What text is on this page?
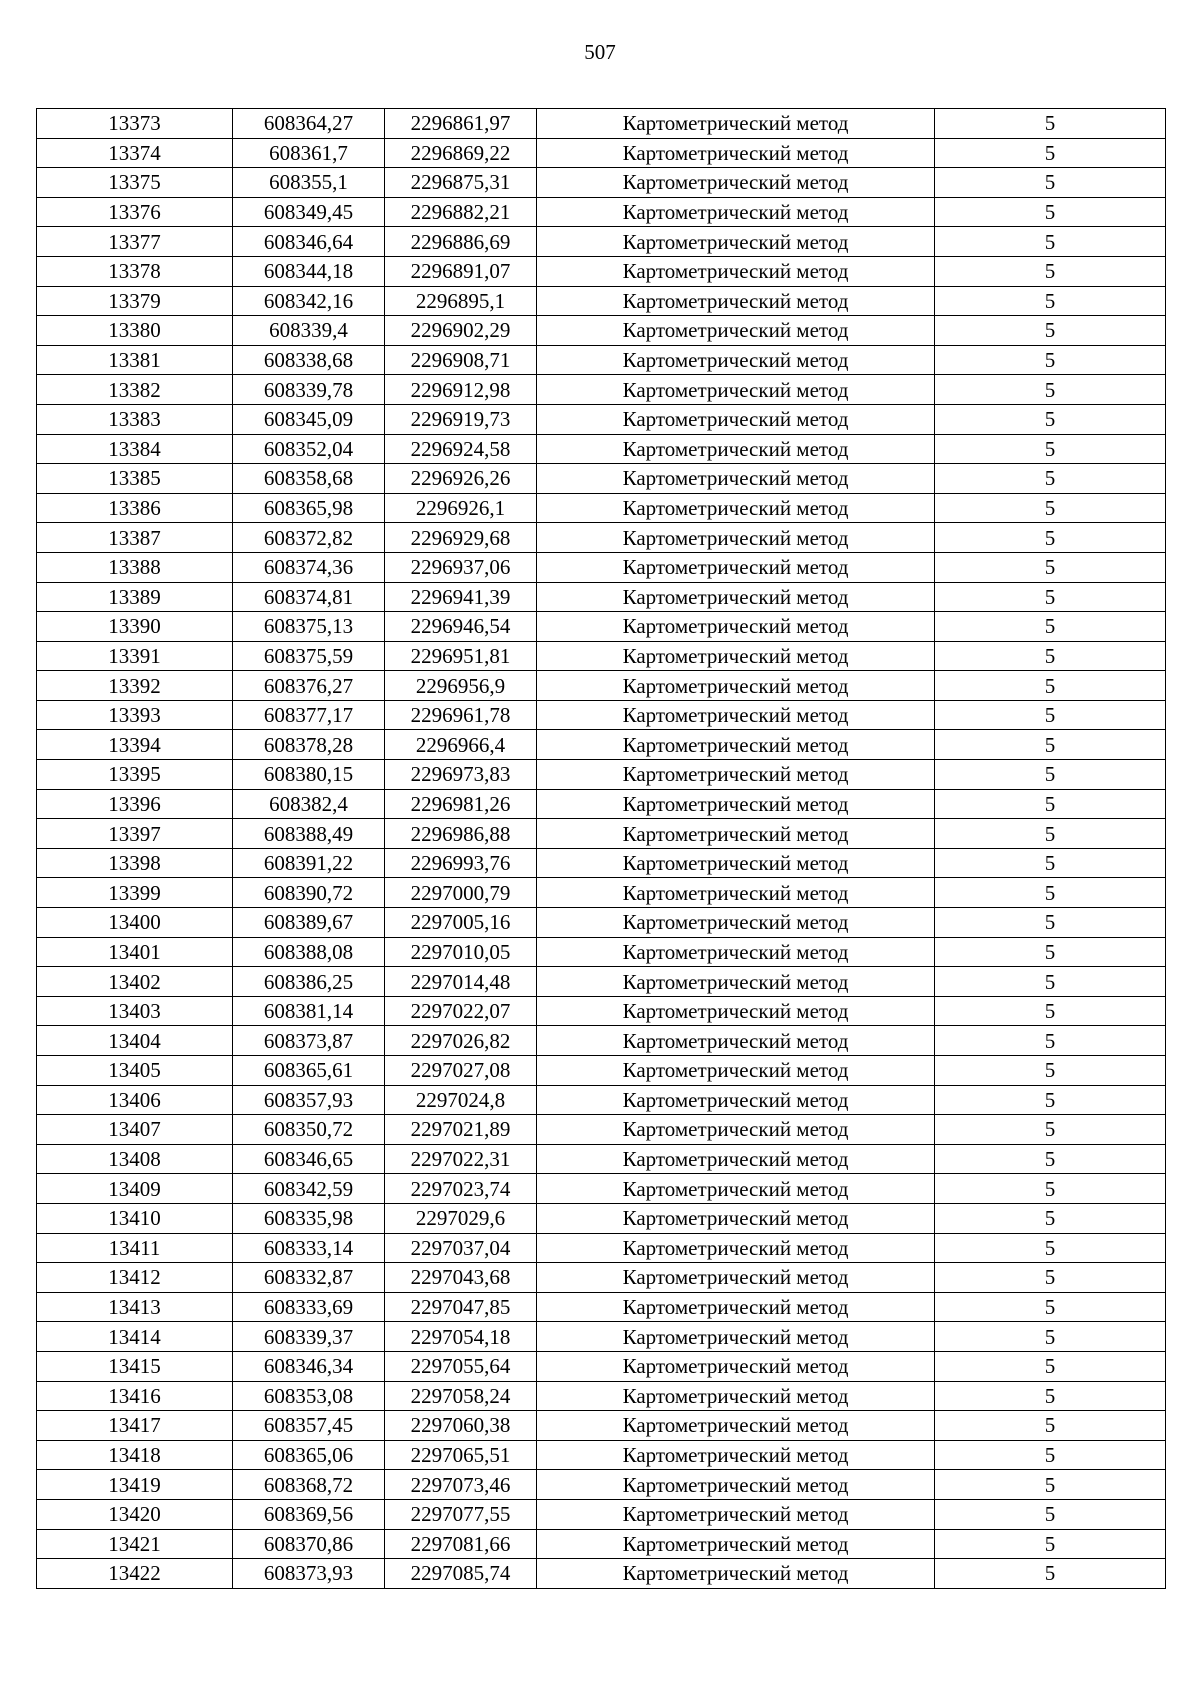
507
13373	608364,27	2296861,97	Картометрический метод	5
13374	608361,7	2296869,22	Картометрический метод	5
13375	608355,1	2296875,31	Картометрический метод	5
13376	608349,45	2296882,21	Картометрический метод	5
13377	608346,64	2296886,69	Картометрический метод	5
13378	608344,18	2296891,07	Картометрический метод	5
13379	608342,16	2296895,1	Картометрический метод	5
13380	608339,4	2296902,29	Картометрический метод	5
13381	608338,68	2296908,71	Картометрический метод	5
13382	608339,78	2296912,98	Картометрический метод	5
13383	608345,09	2296919,73	Картометрический метод	5
13384	608352,04	2296924,58	Картометрический метод	5
13385	608358,68	2296926,26	Картометрический метод	5
13386	608365,98	2296926,1	Картометрический метод	5
13387	608372,82	2296929,68	Картометрический метод	5
13388	608374,36	2296937,06	Картометрический метод	5
13389	608374,81	2296941,39	Картометрический метод	5
13390	608375,13	2296946,54	Картометрический метод	5
13391	608375,59	2296951,81	Картометрический метод	5
13392	608376,27	2296956,9	Картометрический метод	5
13393	608377,17	2296961,78	Картометрический метод	5
13394	608378,28	2296966,4	Картометрический метод	5
13395	608380,15	2296973,83	Картометрический метод	5
13396	608382,4	2296981,26	Картометрический метод	5
13397	608388,49	2296986,88	Картометрический метод	5
13398	608391,22	2296993,76	Картометрический метод	5
13399	608390,72	2297000,79	Картометрический метод	5
13400	608389,67	2297005,16	Картометрический метод	5
13401	608388,08	2297010,05	Картометрический метод	5
13402	608386,25	2297014,48	Картометрический метод	5
13403	608381,14	2297022,07	Картометрический метод	5
13404	608373,87	2297026,82	Картометрический метод	5
13405	608365,61	2297027,08	Картометрический метод	5
13406	608357,93	2297024,8	Картометрический метод	5
13407	608350,72	2297021,89	Картометрический метод	5
13408	608346,65	2297022,31	Картометрический метод	5
13409	608342,59	2297023,74	Картометрический метод	5
13410	608335,98	2297029,6	Картометрический метод	5
13411	608333,14	2297037,04	Картометрический метод	5
13412	608332,87	2297043,68	Картометрический метод	5
13413	608333,69	2297047,85	Картометрический метод	5
13414	608339,37	2297054,18	Картометрический метод	5
13415	608346,34	2297055,64	Картометрический метод	5
13416	608353,08	2297058,24	Картометрический метод	5
13417	608357,45	2297060,38	Картометрический метод	5
13418	608365,06	2297065,51	Картометрический метод	5
13419	608368,72	2297073,46	Картометрический метод	5
13420	608369,56	2297077,55	Картометрический метод	5
13421	608370,86	2297081,66	Картометрический метод	5
13422	608373,93	2297085,74	Картометрический метод	5
